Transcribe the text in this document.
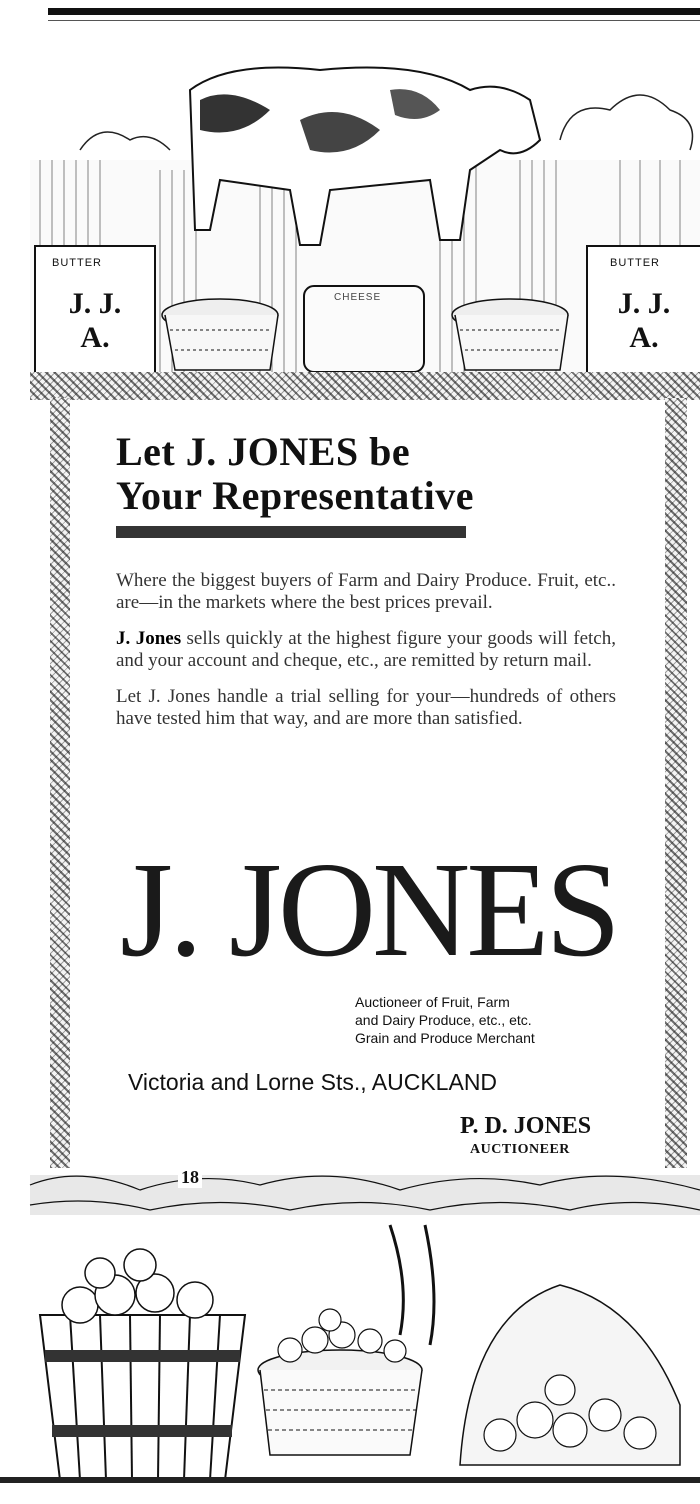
BUTTER
J. J.
A.
BUTTER
J. J.
A.
CHEESE
Let J. JONES be
Your Representative

Where the biggest buyers of Farm and Dairy Produce. Fruit, etc.. are—in the markets where the best prices prevail.

J. Jones sells quickly at the highest figure your goods will fetch, and your account and cheque, etc., are remitted by return mail.

Let J. Jones handle a trial selling for your—hundreds of others have tested him that way, and are more than satisfied.

J. JONES
Auctioneer of Fruit, Farm
and Dairy Produce, etc., etc.
Grain and Produce Merchant
Victoria and Lorne Sts., AUCKLAND
P. D. JONES
AUCTIONEER
18
